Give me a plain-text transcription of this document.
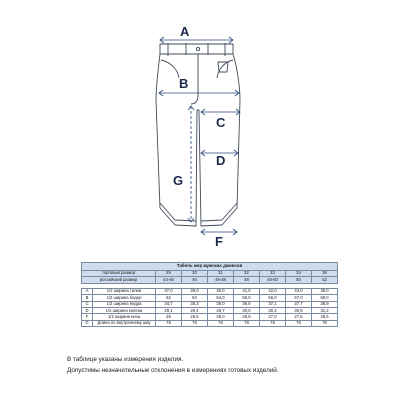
A
B
C
D
F
G
Табель мер мужских джинсов								
торговый размер		29	30	31	32	33	34	36
российский размер		44-46	46	46-48	48	48-50	50	52

A	1/2 ширина талии	37,0	38,0	40,0	41,0	42,0	43,0	45,0
B	1/2 ширина бедер	52	53	54,0	55,0	56,0	57,0	59,0
C	1/2 ширина бедра	34,7	35,3	35,0	36,5	37,1	37,7	38,9
D	1/2 ширина колена	29,1	29,4	29,7	30,0	30,3	30,6	31,2
F	1/2 ширина низа	25	25,5	26,0	26,5	27,0	27,5	28,5
G	Длина по внутреннему шву	78	78	78	78	78	78	78

В таблице указаны измерения изделия.

Допустимы незначительные отклонения в измерениях готовых изделий.
